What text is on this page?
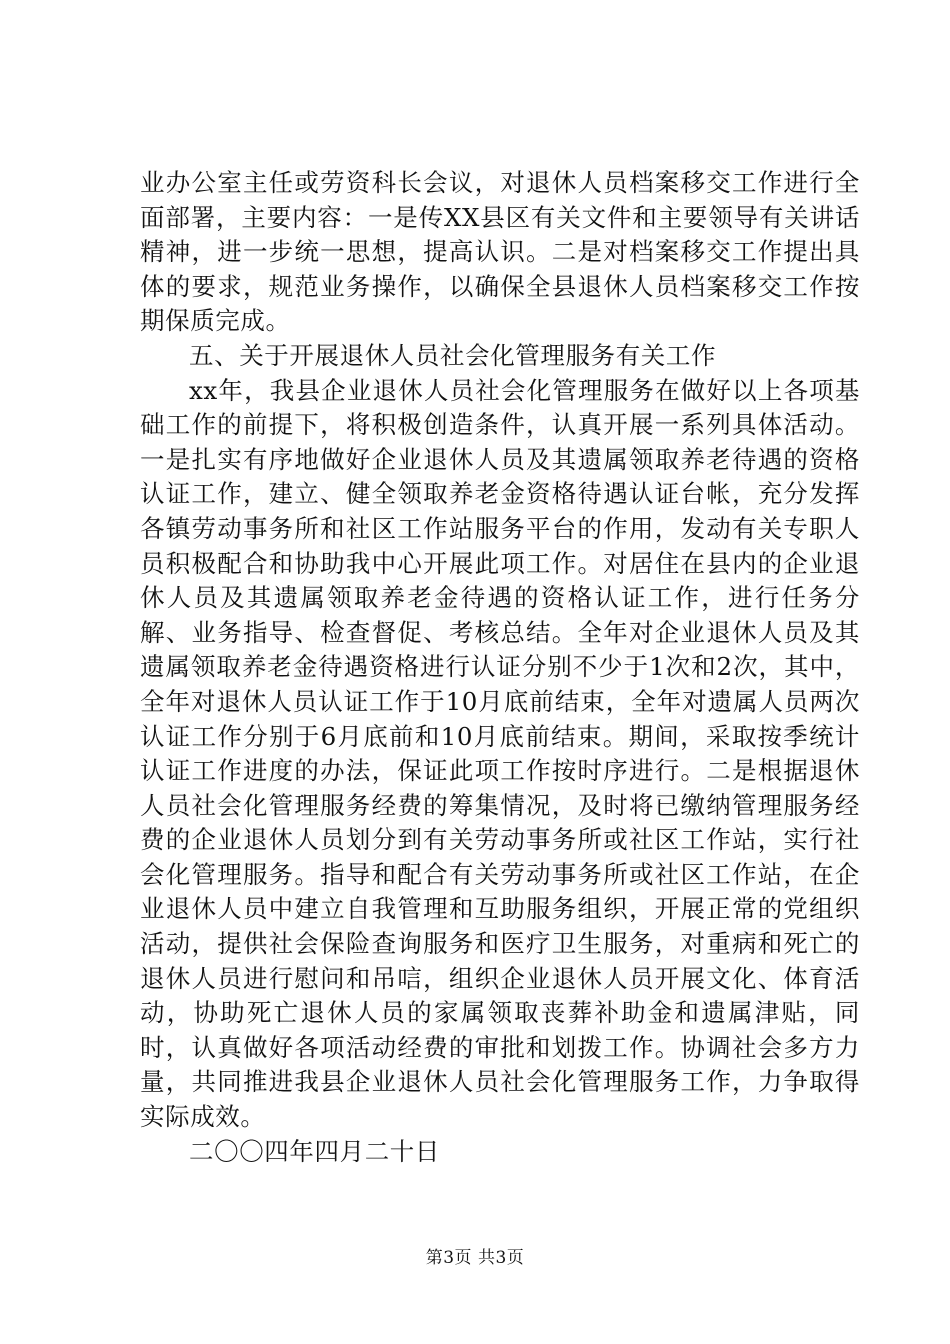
业办公室主任或劳资科长会议，对退休人员档案移交工作进行全面部署，主要内容：一是传XX县区有关文件和主要领导有关讲话精神，进一步统一思想，提高认识。二是对档案移交工作提出具体的要求，规范业务操作，以确保全县退休人员档案移交工作按期保质完成。

五、关于开展退休人员社会化管理服务有关工作

xx年，我县企业退休人员社会化管理服务在做好以上各项基础工作的前提下，将积极创造条件，认真开展一系列具体活动。一是扎实有序地做好企业退休人员及其遗属领取养老待遇的资格认证工作，建立、健全领取养老金资格待遇认证台帐，充分发挥各镇劳动事务所和社区工作站服务平台的作用，发动有关专职人员积极配合和协助我中心开展此项工作。对居住在县内的企业退休人员及其遗属领取养老金待遇的资格认证工作，进行任务分解、业务指导、检查督促、考核总结。全年对企业退休人员及其遗属领取养老金待遇资格进行认证分别不少于1次和2次，其中，全年对退休人员认证工作于10月底前结束，全年对遗属人员两次认证工作分别于6月底前和10月底前结束。期间，采取按季统计认证工作进度的办法，保证此项工作按时序进行。二是根据退休人员社会化管理服务经费的筹集情况，及时将已缴纳管理服务经费的企业退休人员划分到有关劳动事务所或社区工作站，实行社会化管理服务。指导和配合有关劳动事务所或社区工作站，在企业退休人员中建立自我管理和互助服务组织，开展正常的党组织活动，提供社会保险查询服务和医疗卫生服务，对重病和死亡的退休人员进行慰问和吊唁，组织企业退休人员开展文化、体育活动，协助死亡退休人员的家属领取丧葬补助金和遗属津贴，同时，认真做好各项活动经费的审批和划拨工作。协调社会多方力量，共同推进我县企业退休人员社会化管理服务工作，力争取得实际成效。

二〇〇四年四月二十日

第3页 共3页
